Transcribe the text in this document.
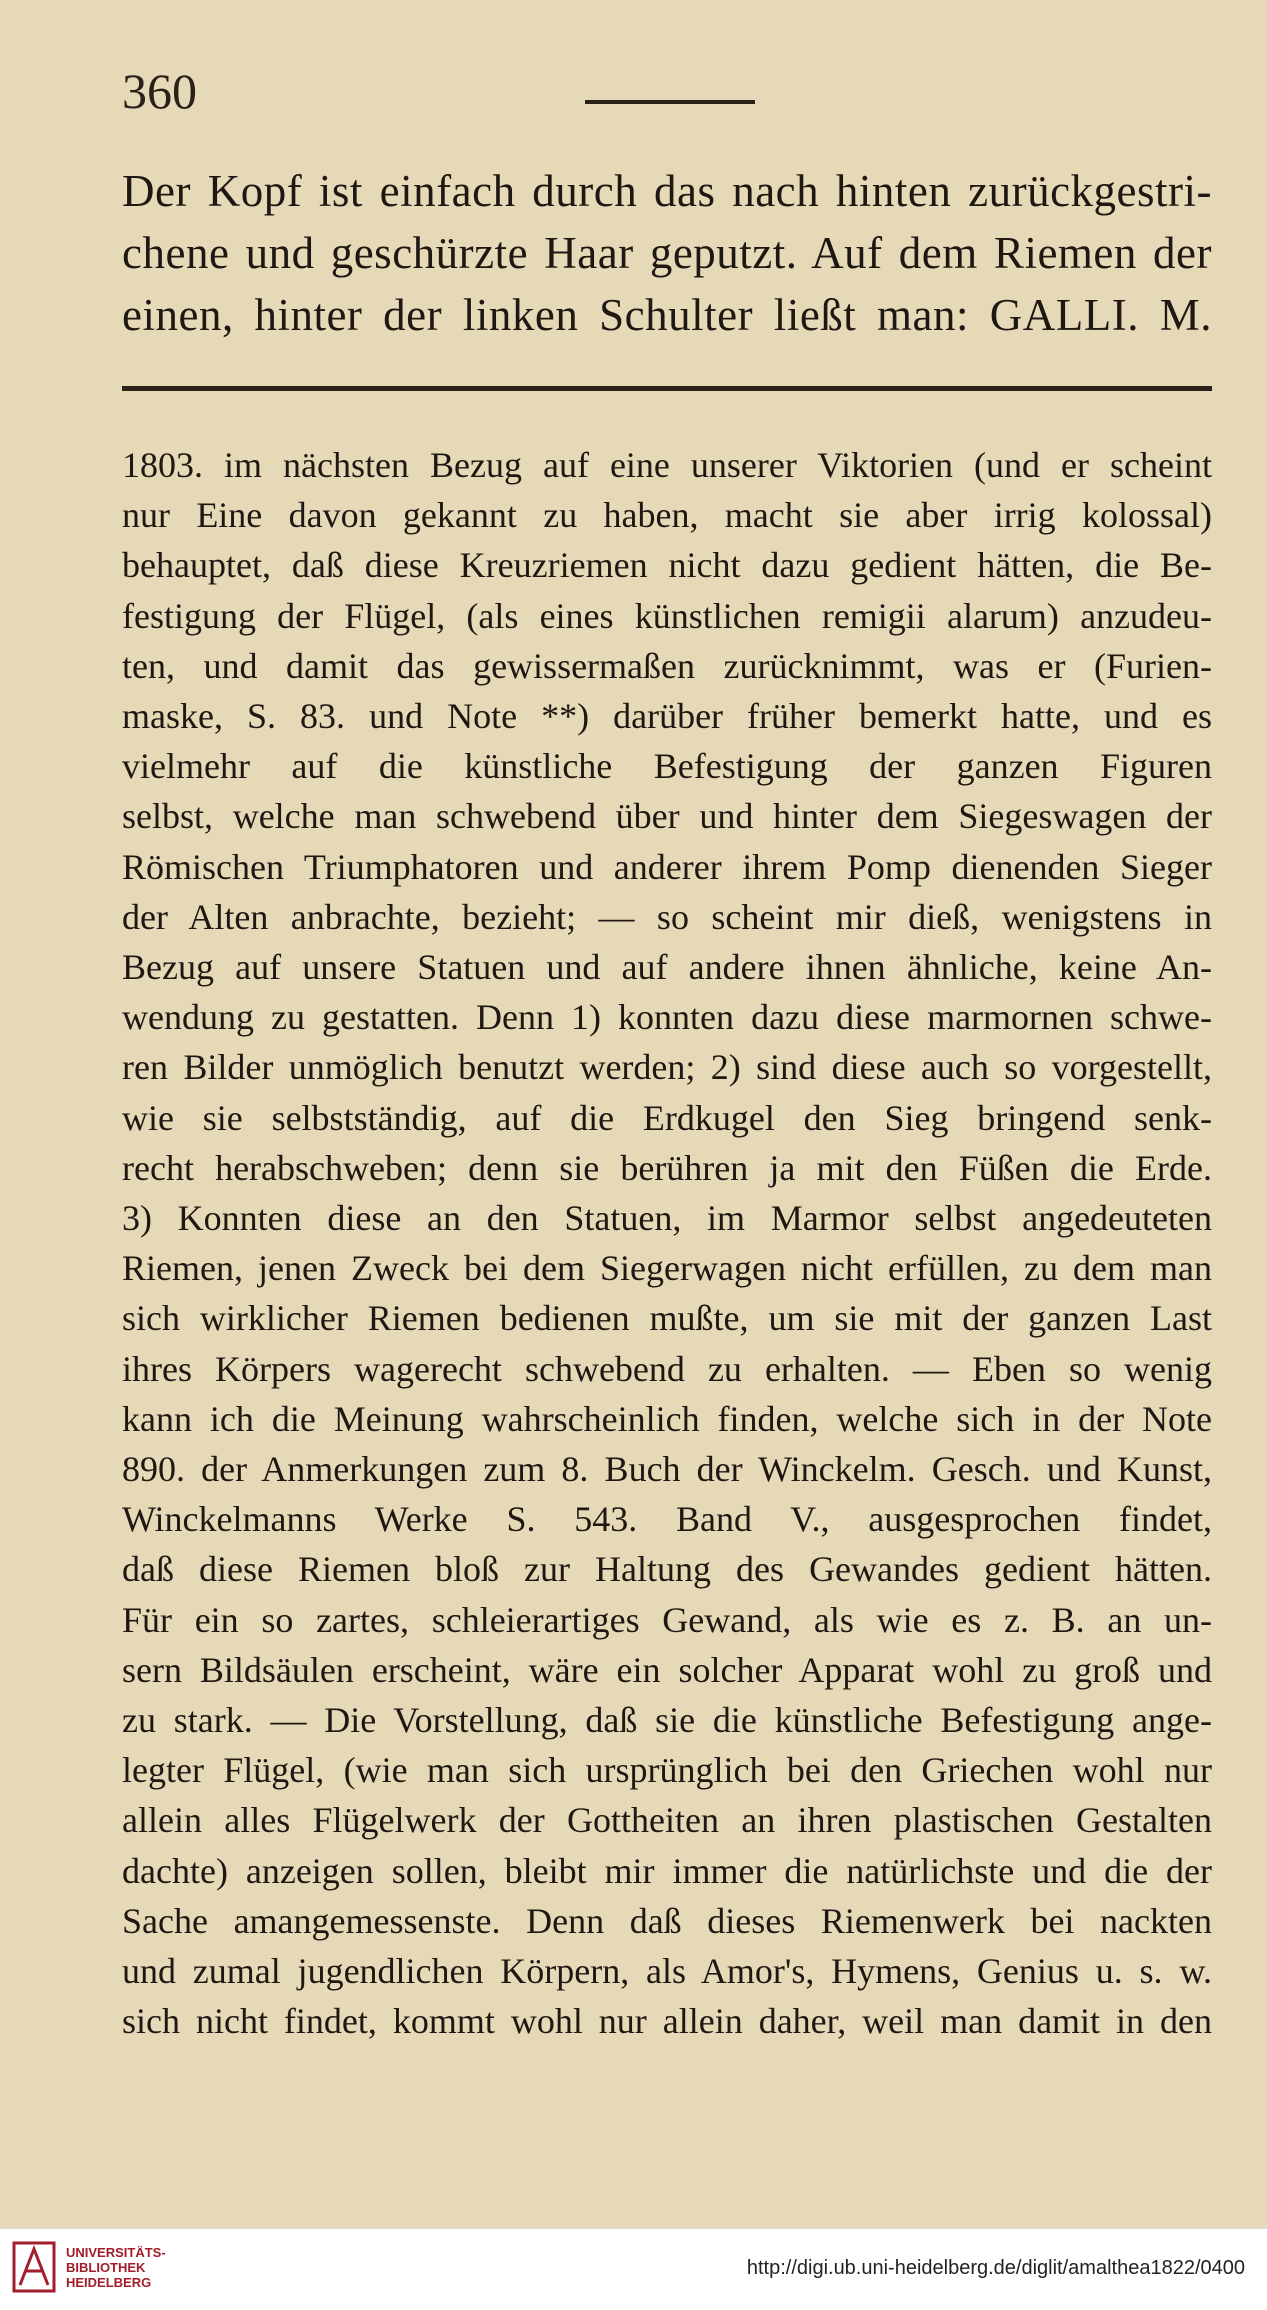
360
Der Kopf ist einfach durch das nach hinten zurückgestri-
chene und geschürzte Haar geputzt. Auf dem Riemen der
einen, hinter der linken Schulter ließt man: GALLI. M.
1803. im nächsten Bezug auf eine unserer Viktorien (und er scheint
nur Eine davon gekannt zu haben, macht sie aber irrig kolossal)
behauptet, daß diese Kreuzriemen nicht dazu gedient hätten, die Be-
festigung der Flügel, (als eines künstlichen remigii alarum) anzudeu-
ten, und damit das gewissermaßen zurücknimmt, was er (Furien-
maske, S. 83. und Note **) darüber früher bemerkt hatte, und es
vielmehr auf die künstliche Befestigung der ganzen Figuren
selbst, welche man schwebend über und hinter dem Siegeswagen der
Römischen Triumphatoren und anderer ihrem Pomp dienenden Sieger
der Alten anbrachte, bezieht; — so scheint mir dieß, wenigstens in
Bezug auf unsere Statuen und auf andere ihnen ähnliche, keine An-
wendung zu gestatten. Denn 1) konnten dazu diese marmornen schwe-
ren Bilder unmöglich benutzt werden; 2) sind diese auch so vorgestellt,
wie sie selbstständig, auf die Erdkugel den Sieg bringend senk-
recht herabschweben; denn sie berühren ja mit den Füßen die Erde.
3) Konnten diese an den Statuen, im Marmor selbst angedeuteten
Riemen, jenen Zweck bei dem Siegerwagen nicht erfüllen, zu dem man
sich wirklicher Riemen bedienen mußte, um sie mit der ganzen Last
ihres Körpers wagerecht schwebend zu erhalten. — Eben so wenig
kann ich die Meinung wahrscheinlich finden, welche sich in der Note
890. der Anmerkungen zum 8. Buch der Winckelm. Gesch. und Kunst,
Winckelmanns Werke S. 543. Band V., ausgesprochen findet,
daß diese Riemen bloß zur Haltung des Gewandes gedient hätten.
Für ein so zartes, schleierartiges Gewand, als wie es z. B. an un-
sern Bildsäulen erscheint, wäre ein solcher Apparat wohl zu groß und
zu stark. — Die Vorstellung, daß sie die künstliche Befestigung ange-
legter Flügel, (wie man sich ursprünglich bei den Griechen wohl nur
allein alles Flügelwerk der Gottheiten an ihren plastischen Gestalten
dachte) anzeigen sollen, bleibt mir immer die natürlichste und die der
Sache amangemessenste. Denn daß dieses Riemenwerk bei nackten
und zumal jugendlichen Körpern, als Amor's, Hymens, Genius u. s. w.
sich nicht findet, kommt wohl nur allein daher, weil man damit in den
UNIVERSITÄTS-
BIBLIOTHEK
HEIDELBERG
http://digi.ub.uni-heidelberg.de/diglit/amalthea1822/0400
